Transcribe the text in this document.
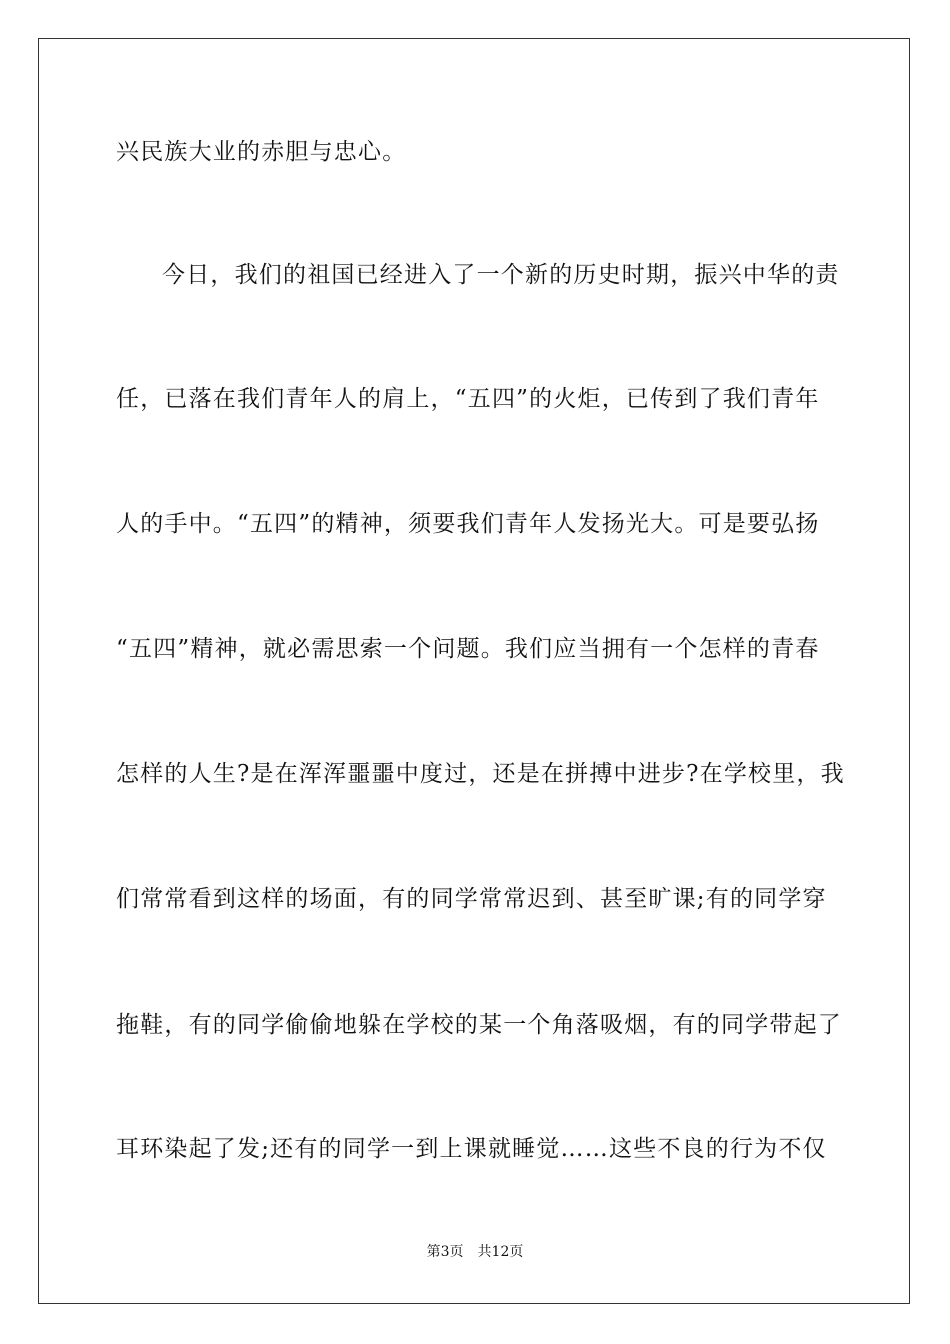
兴民族大业的赤胆与忠心。
今日，我们的祖国已经进入了一个新的历史时期，振兴中华的责
任，已落在我们青年人的肩上，“五四”的火炬，已传到了我们青年
人的手中。“五四”的精神，须要我们青年人发扬光大。可是要弘扬
“五四”精神，就必需思索一个问题。我们应当拥有一个怎样的青春
怎样的人生?是在浑浑噩噩中度过，还是在拼搏中进步?在学校里，我
们常常看到这样的场面，有的同学常常迟到、甚至旷课;有的同学穿
拖鞋，有的同学偷偷地躲在学校的某一个角落吸烟，有的同学带起了
耳环染起了发;还有的同学一到上课就睡觉……这些不良的行为不仅
第3页 共12页
